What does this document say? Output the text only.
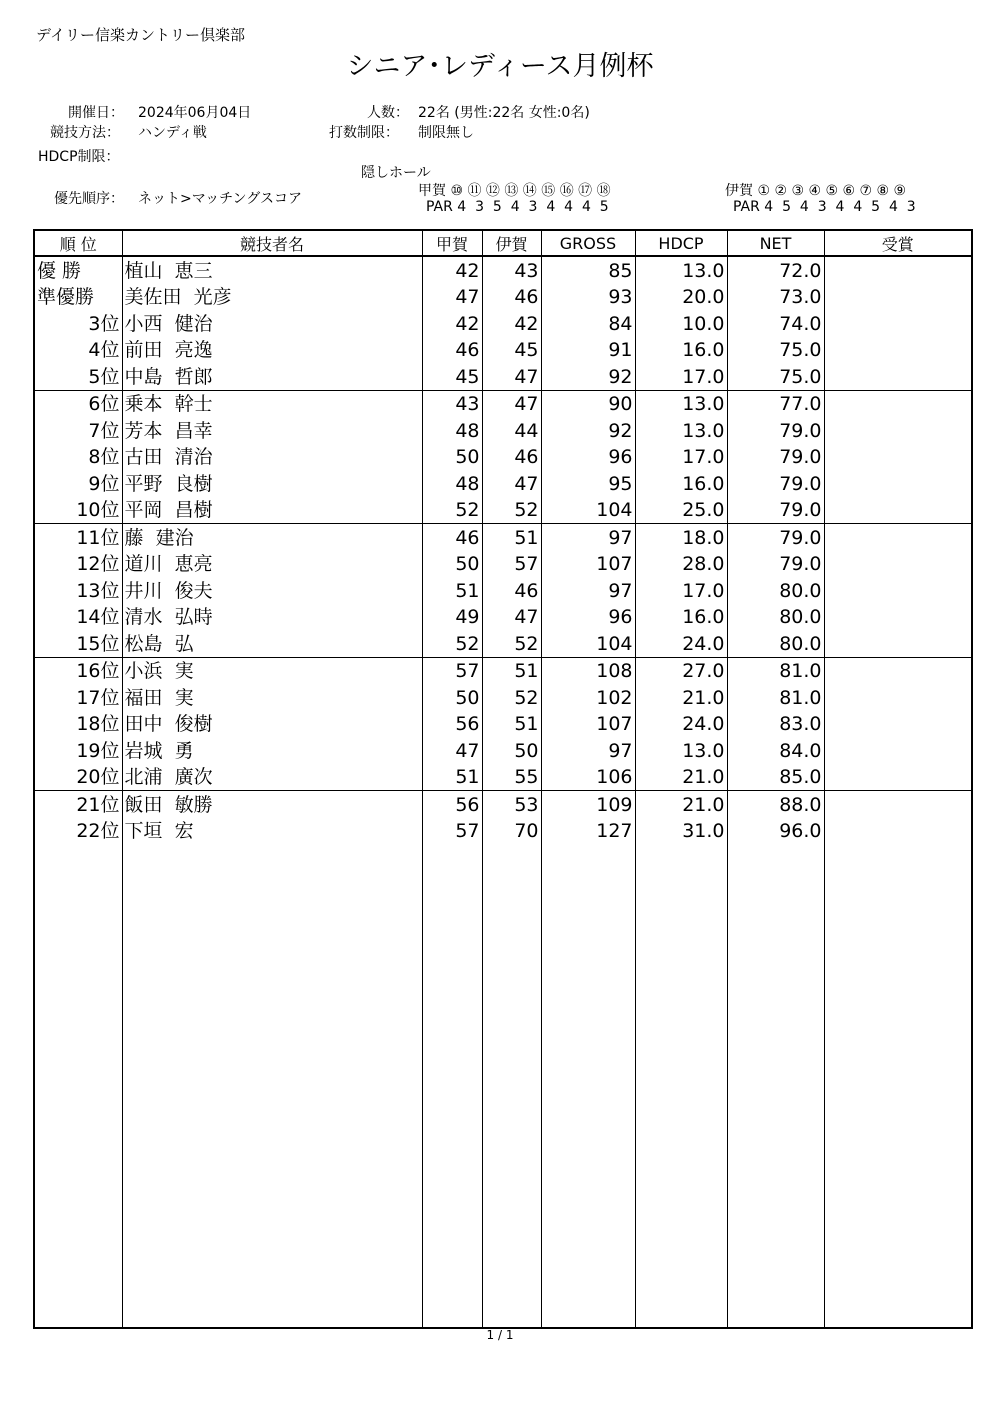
デイリー信楽カントリー倶楽部
シニア･レディース月例杯
開催日： 2024年06月04日
競技方法： ハンディ戦
HDCP制限：
人数： 22名 (男性:22名 女性:0名)
打数制限： 制限無し
隠しホール
優先順序： ネット>マッチングスコア	甲賀 ⑩ ⑪ ⑫ ⑬ ⑭ ⑮ ⑯ ⑰ ⑱
PAR 4  3  5  4  3  4  4  4  5
伊賀 ① ② ③ ④ ⑤ ⑥ ⑦ ⑧ ⑨
PAR 4  5  4  3  4  4  5  4  3
順 位	競技者名	甲賀	伊賀	GROSS	HDCP	NET	受賞
優 勝	植山  恵三	42	43	85	13.0	72.0	
準優勝	美佐田  光彦	47	46	93	20.0	73.0	
3位	小西  健治	42	42	84	10.0	74.0	
4位	前田  亮逸	46	45	91	16.0	75.0	
5位	中島  哲郎	45	47	92	17.0	75.0	
6位	乗本  幹士	43	47	90	13.0	77.0	
7位	芳本  昌幸	48	44	92	13.0	79.0	
8位	古田  清治	50	46	96	17.0	79.0	
9位	平野  良樹	48	47	95	16.0	79.0	
10位	平岡  昌樹	52	52	104	25.0	79.0	
11位	藤  建治	46	51	97	18.0	79.0	
12位	道川  恵亮	50	57	107	28.0	79.0	
13位	井川  俊夫	51	46	97	17.0	80.0	
14位	清水  弘時	49	47	96	16.0	80.0	
15位	松島  弘	52	52	104	24.0	80.0	
16位	小浜  実	57	51	108	27.0	81.0	
17位	福田  実	50	52	102	21.0	81.0	
18位	田中  俊樹	56	51	107	24.0	83.0	
19位	岩城  勇	47	50	97	13.0	84.0	
20位	北浦  廣次	51	55	106	21.0	85.0	
21位	飯田  敏勝	56	53	109	21.0	88.0	
22位	下垣  宏	57	70	127	31.0	96.0	

1 / 1
